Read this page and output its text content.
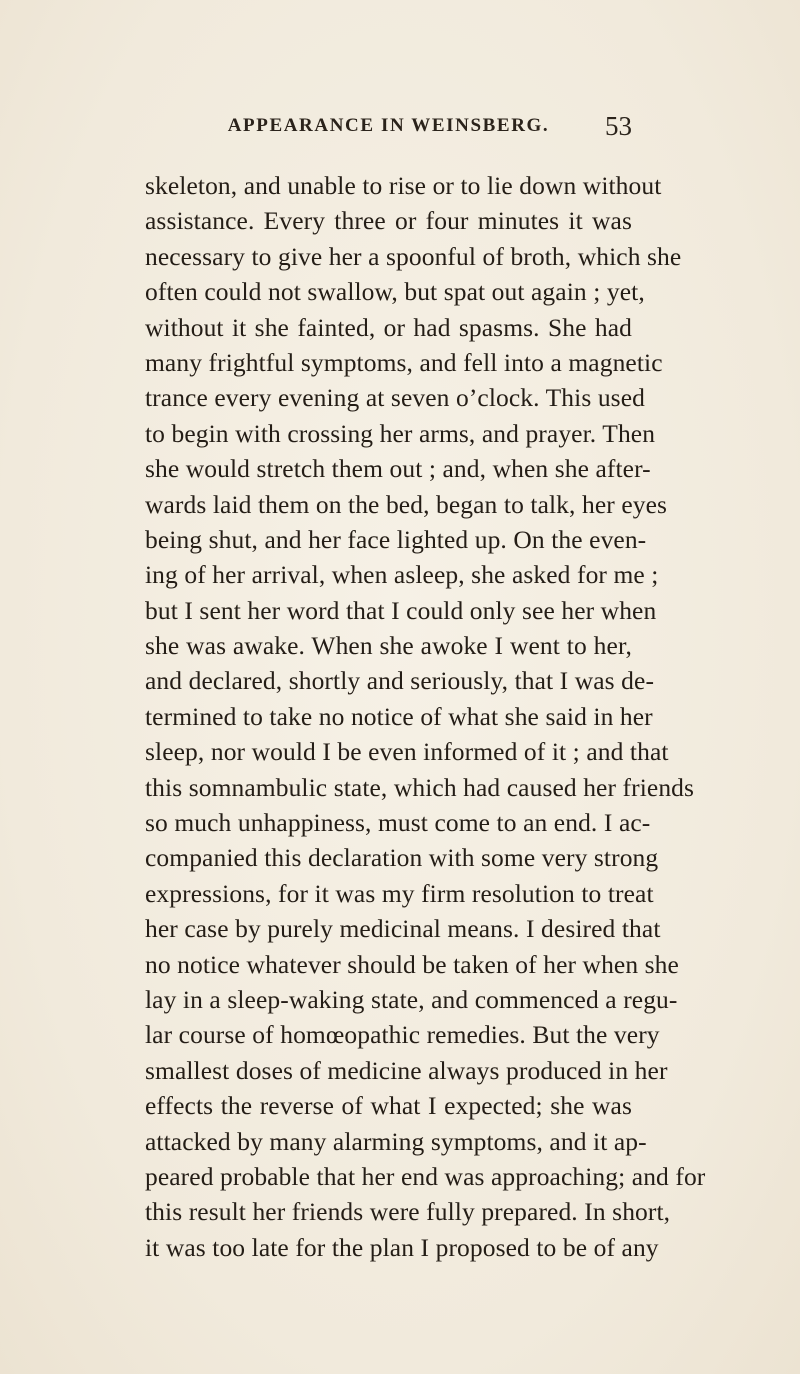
APPEARANCE IN WEINSBERG.	53
skeleton, and unable to rise or to lie down without
assistance. Every three or four minutes it was
necessary to give her a spoonful of broth, which she
often could not swallow, but spat out again ; yet,
without it she fainted, or had spasms. She had
many frightful symptoms, and fell into a magnetic
trance every evening at seven o’clock. This used
to begin with crossing her arms, and prayer. Then
she would stretch them out ; and, when she after-
wards laid them on the bed, began to talk, her eyes
being shut, and her face lighted up. On the even-
ing of her arrival, when asleep, she asked for me ;
but I sent her word that I could only see her when
she was awake. When she awoke I went to her,
and declared, shortly and seriously, that I was de-
termined to take no notice of what she said in her
sleep, nor would I be even informed of it ; and that
this somnambulic state, which had caused her friends
so much unhappiness, must come to an end. I ac-
companied this declaration with some very strong
expressions, for it was my firm resolution to treat
her case by purely medicinal means. I desired that
no notice whatever should be taken of her when she
lay in a sleep-waking state, and commenced a regu-
lar course of homœopathic remedies. But the very
smallest doses of medicine always produced in her
effects the reverse of what I expected; she was
attacked by many alarming symptoms, and it ap-
peared probable that her end was approaching; and for
this result her friends were fully prepared. In short,
it was too late for the plan I proposed to be of any
